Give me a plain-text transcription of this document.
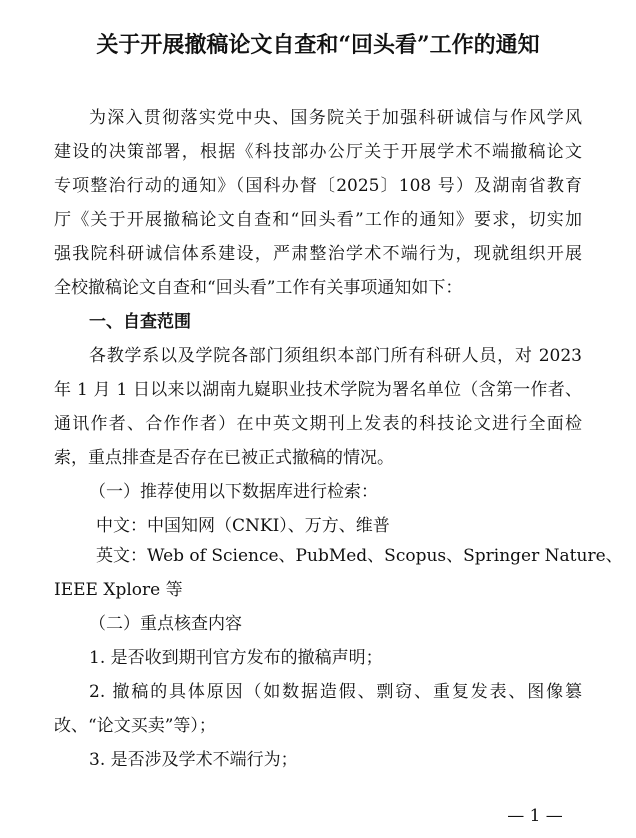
关于开展撤稿论文自查和“回头看”工作的通知
为深入贯彻落实党中央、国务院关于加强科研诚信与作风学风
建设的决策部署，根据《科技部办公厅关于开展学术不端撤稿论文
专项整治行动的通知》（国科办督〔2025〕108 号）及湖南省教育
厅《关于开展撤稿论文自查和“回头看”工作的通知》要求，切实加
强我院科研诚信体系建设，严肃整治学术不端行为，现就组织开展
全校撤稿论文自查和“回头看”工作有关事项通知如下：
一、自查范围
各教学系以及学院各部门须组织本部门所有科研人员，对 2023
年 1 月 1 日以来以湖南九嶷职业技术学院为署名单位（含第一作者、
通讯作者、合作作者）在中英文期刊上发表的科技论文进行全面检
索，重点排查是否存在已被正式撤稿的情况。
（一）推荐使用以下数据库进行检索：
中文：中国知网（CNKI）、万方、维普
英文：Web of Science、PubMed、Scopus、Springer Nature、
IEEE Xplore 等
（二）重点核查内容
1. 是否收到期刊官方发布的撤稿声明；
2. 撤稿的具体原因（如数据造假、剽窃、重复发表、图像篡
改、“论文买卖”等）；
3. 是否涉及学术不端行为；
— 1 —
